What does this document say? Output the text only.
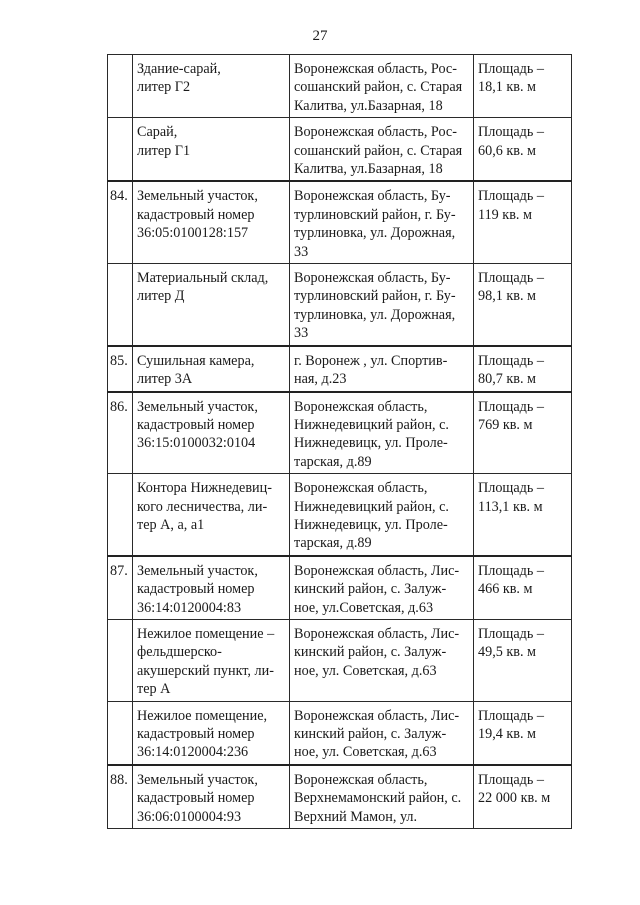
27
	Здание-сарай,
литер Г2	Воронежская область, Рос-
сошанский район, с. Старая
Калитва, ул.Базарная, 18	Площадь –
18,1 кв. м
	Сарай,
литер Г1	Воронежская область, Рос-
сошанский район, с. Старая
Калитва, ул.Базарная, 18	Площадь –
60,6 кв. м
84.	Земельный участок,
кадастровый номер
36:05:0100128:157	Воронежская область, Бу-
турлиновский район, г. Бу-
турлиновка, ул. Дорожная,
33	Площадь –
119 кв. м
	Материальный склад,
литер Д	Воронежская область, Бу-
турлиновский район, г. Бу-
турлиновка, ул. Дорожная,
33	Площадь –
98,1 кв. м
85.	Сушильная камера,
литер 3А	г. Воронеж , ул. Спортив-
ная, д.23	Площадь –
80,7 кв. м
86.	Земельный участок,
кадастровый номер
36:15:0100032:0104	Воронежская область,
Нижнедевицкий район, с.
Нижнедевицк, ул. Проле-
тарская, д.89	Площадь –
769 кв. м
	Контора Нижнедевиц-
кого лесничества, ли-
тер А, а, а1	Воронежская область,
Нижнедевицкий район, с.
Нижнедевицк, ул. Проле-
тарская, д.89	Площадь –
113,1 кв. м
87.	Земельный участок,
кадастровый номер
36:14:0120004:83	Воронежская область, Лис-
кинский район, с. Залуж-
ное, ул.Советская, д.63	Площадь –
466 кв. м
	Нежилое помещение –
фельдшерско-
акушерский пункт, ли-
тер А	Воронежская область, Лис-
кинский район, с. Залуж-
ное, ул. Советская, д.63	Площадь –
49,5 кв. м
	Нежилое помещение,
кадастровый номер
36:14:0120004:236	Воронежская область, Лис-
кинский район, с. Залуж-
ное, ул. Советская, д.63	Площадь –
19,4 кв. м
88.	Земельный участок,
кадастровый номер
36:06:0100004:93	Воронежская область,
Верхнемамонский район, с.
Верхний Мамон, ул.	Площадь –
22 000 кв. м
